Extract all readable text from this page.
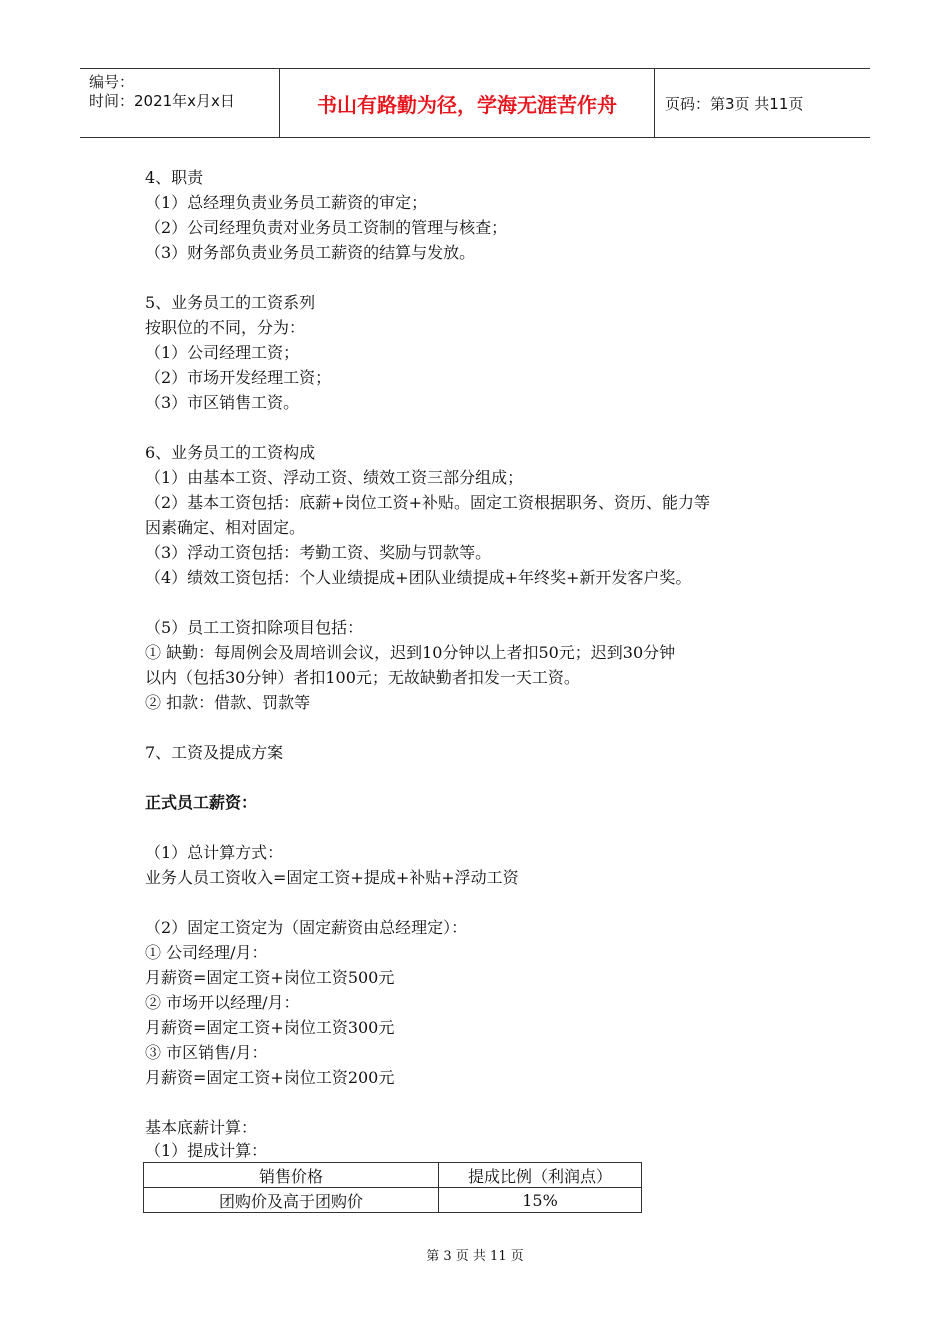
编号：
时间：2021年x月x日	书山有路勤为径，学海无涯苦作舟	页码：第3页 共11页
4、职责
（1）总经理负责业务员工薪资的审定；
（2）公司经理负责对业务员工资制的管理与核查；
（3）财务部负责业务员工薪资的结算与发放。
5、业务员工的工资系列
按职位的不同，分为：
（1）公司经理工资；
（2）市场开发经理工资；
（3）市区销售工资。
6、业务员工的工资构成
（1）由基本工资、浮动工资、绩效工资三部分组成；
（2）基本工资包括：底薪+岗位工资+补贴。固定工资根据职务、资历、能力等
因素确定、相对固定。
（3）浮动工资包括：考勤工资、奖励与罚款等。
（4）绩效工资包括：个人业绩提成+团队业绩提成+年终奖+新开发客户奖。
（5）员工工资扣除项目包括：
① 缺勤：每周例会及周培训会议，迟到10分钟以上者扣50元；迟到30分钟
以内（包括30分钟）者扣100元；无故缺勤者扣发一天工资。
② 扣款：借款、罚款等
7、工资及提成方案
正式员工薪资：
（1）总计算方式：
业务人员工资收入=固定工资+提成+补贴+浮动工资
（2）固定工资定为（固定薪资由总经理定）：
① 公司经理/月：
月薪资=固定工资+岗位工资500元
② 市场开以经理/月：
月薪资=固定工资+岗位工资300元
③ 市区销售/月：
月薪资=固定工资+岗位工资200元
基本底薪计算：
（1）提成计算：
销售价格	提成比例（利润点）
团购价及高于团购价	15%
第 3 页 共 11 页
